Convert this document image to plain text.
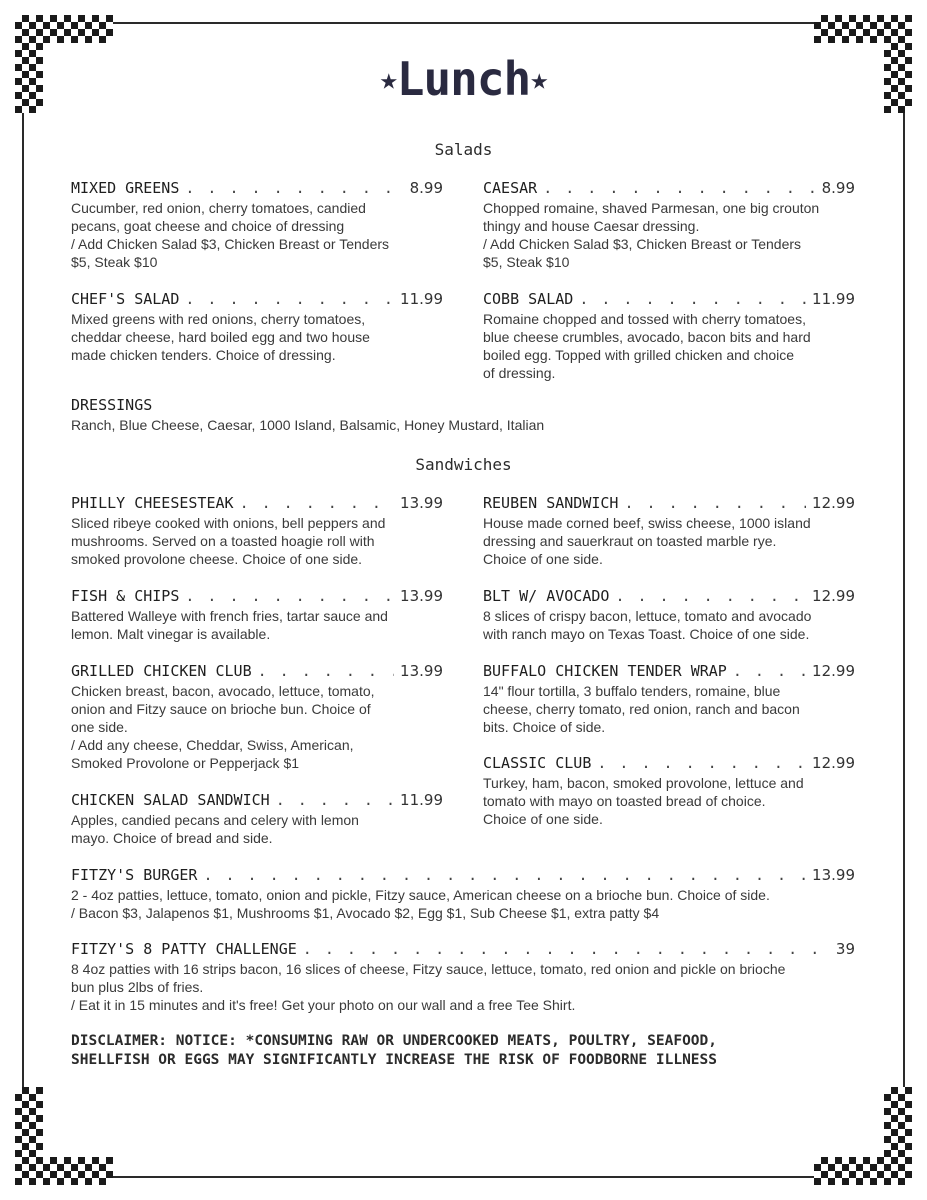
★Lunch★
Salads
MIXED GREENS . . .	8.99
Cucumber, red onion, cherry tomatoes, candied
pecans, goat cheese and choice of dressing
/ Add Chicken Salad $3, Chicken Breast or Tenders
$5, Steak $10
CAESAR . . .	8.99
Chopped romaine, shaved Parmesan, one big crouton
thingy and house Caesar dressing.
/ Add Chicken Salad $3, Chicken Breast or Tenders
$5, Steak $10
CHEF'S SALAD . . .	11.99
Mixed greens with red onions, cherry tomatoes,
cheddar cheese, hard boiled egg and two house
made chicken tenders. Choice of dressing.
COBB SALAD . . .	11.99
Romaine chopped and tossed with cherry tomatoes,
blue cheese crumbles, avocado, bacon bits and hard
boiled egg. Topped with grilled chicken and choice
of dressing.
DRESSINGS
Ranch, Blue Cheese, Caesar, 1000 Island, Balsamic, Honey Mustard, Italian
Sandwiches
PHILLY CHEESESTEAK . . .	13.99
Sliced ribeye cooked with onions, bell peppers and
mushrooms. Served on a toasted hoagie roll with
smoked provolone cheese. Choice of one side.
REUBEN SANDWICH . . .	12.99
House made corned beef, swiss cheese, 1000 island
dressing and sauerkraut on toasted marble rye.
Choice of one side.
FISH & CHIPS . . .	13.99
Battered Walleye with french fries, tartar sauce and
lemon. Malt vinegar is available.
BLT W/ AVOCADO . . .	12.99
8 slices of crispy bacon, lettuce, tomato and avocado
with ranch mayo on Texas Toast. Choice of one side.
GRILLED CHICKEN CLUB . . .	13.99
Chicken breast, bacon, avocado, lettuce, tomato,
onion and Fitzy sauce on brioche bun. Choice of
one side.
/ Add any cheese, Cheddar, Swiss, American,
Smoked Provolone or Pepperjack $1
BUFFALO CHICKEN TENDER WRAP . . .	12.99
14" flour tortilla, 3 buffalo tenders, romaine, blue
cheese, cherry tomato, red onion, ranch and bacon
bits. Choice of side.
CLASSIC CLUB . . .	12.99
Turkey, ham, bacon, smoked provolone, lettuce and
tomato with mayo on toasted bread of choice.
Choice of one side.
CHICKEN SALAD SANDWICH . . .	11.99
Apples, candied pecans and celery with lemon
mayo. Choice of bread and side.
FITZY'S BURGER . . .	13.99
2 - 4oz patties, lettuce, tomato, onion and pickle, Fitzy sauce, American cheese on a brioche bun. Choice of side.
/ Bacon $3, Jalapenos $1, Mushrooms $1, Avocado $2, Egg $1, Sub Cheese $1, extra patty $4
FITZY'S 8 PATTY CHALLENGE . . .	39
8 4oz patties with 16 strips bacon, 16 slices of cheese, Fitzy sauce, lettuce, tomato, red onion and pickle on brioche
bun plus 2lbs of fries.
/ Eat it in 15 minutes and it's free! Get your photo on our wall and a free Tee Shirt.
DISCLAIMER: NOTICE: *CONSUMING RAW OR UNDERCOOKED MEATS, POULTRY, SEAFOOD,
SHELLFISH OR EGGS MAY SIGNIFICANTLY INCREASE THE RISK OF FOODBORNE ILLNESS
